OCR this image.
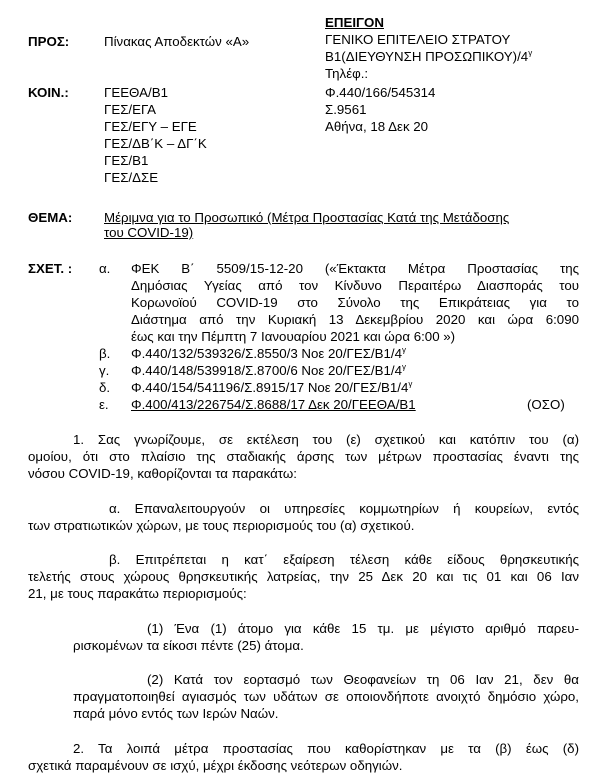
ΠΡΟΣ:	Πίνακας Αποδεκτών «Α»
ΚΟΙΝ.:	ΓΕΕΘΑ/Β1
ΓΕΣ/ΕΓΑ
ΓΕΣ/ΕΓΥ – ΕΓΕ
ΓΕΣ/ΔΒ΄Κ – ΔΓ΄Κ
ΓΕΣ/Β1
ΓΕΣ/ΔΣΕ
ΕΠΕΙΓΟΝ
ΓΕΝΙΚΟ ΕΠΙΤΕΛΕΙΟ ΣΤΡΑΤΟΥ
Β1(ΔΙΕΥΘΥΝΣΗ $\Pi PO\Sigma\Omega\Pi IKO\Upsilon)/4^\gamma$
Τηλέφ.:
Φ.440/166/545314
Σ.9561
Αθήνα, 18 Δεκ 20
ΘΕΜΑ: Μέριμνα για το Προσωπικό (Μέτρα Προστασίας Κατά της Μετάδοσης
του COVID-19)
ΣΧΕΤ. : α. ΦΕΚ Β΄ 5509/15-12-20 («Έκτακτα Μέτρα Προστασίας της
Δημόσιας Υγείας από τον Κίνδυνο Περαιτέρω Διασποράς του
Κορωνοϊού COVID-19 στο Σύνολο της Επικράτειας για το
Διάστημα από την Κυριακή 13 Δεκεμβρίου 2020 και ώρα 6:090
έως και την Πέμπτη 7 Ιανουαρίου 2021 και ώρα 6:00 »)
β. Φ.440/132/539326/Σ.8550/3 Νοε $20/\Gamma E\Sigma/B1/4^\gamma$
γ. Φ.440/148/539918/Σ.8700/6 Νοε $20/\Gamma E\Sigma/B1/4^\gamma$
δ. Φ.440/154/541196/Σ.8915/17 Νοε $20/\Gamma E\Sigma/B1/4^\gamma$
ε. Φ.400/413/226754/Σ.8688/17 Δεκ 20/ΓΕΕΘΑ/Β1	(ΟΣΟ)
1. Σας γνωρίζουμε, σε εκτέλεση του (ε) σχετικού και κατόπιν του (α)
ομοίου, ότι στο πλαίσιο της σταδιακής άρσης των μέτρων προστασίας έναντι της
νόσου COVID-19, καθορίζονται τα παρακάτω:
α. Επαναλειτουργούν οι υπηρεσίες κομμωτηρίων ή κουρείων, εντός
των στρατιωτικών χώρων, με τους περιορισμούς του (α) σχετικού.
β. Επιτρέπεται η κατ΄ εξαίρεση τέλεση κάθε είδους θρησκευτικής
τελετής στους χώρους θρησκευτικής λατρείας, την 25 Δεκ 20 και τις 01 και 06 Ιαν
21, με τους παρακάτω περιορισμούς:
(1) Ένα (1) άτομο για κάθε 15 τμ. με μέγιστο αριθμό παρευ-
ρισκομένων τα είκοσι πέντε (25) άτομα.
(2) Κατά τον εορτασμό των Θεοφανείων τη 06 Ιαν 21, δεν θα
πραγματοποιηθεί αγιασμός των υδάτων σε οποιονδήποτε ανοιχτό δημόσιο χώρο,
παρά μόνο εντός των Ιερών Ναών.
2. Τα λοιπά μέτρα προστασίας που καθορίστηκαν με τα (β) έως (δ)
σχετικά παραμένουν σε ισχύ, μέχρι έκδοσης νεότερων οδηγιών.
